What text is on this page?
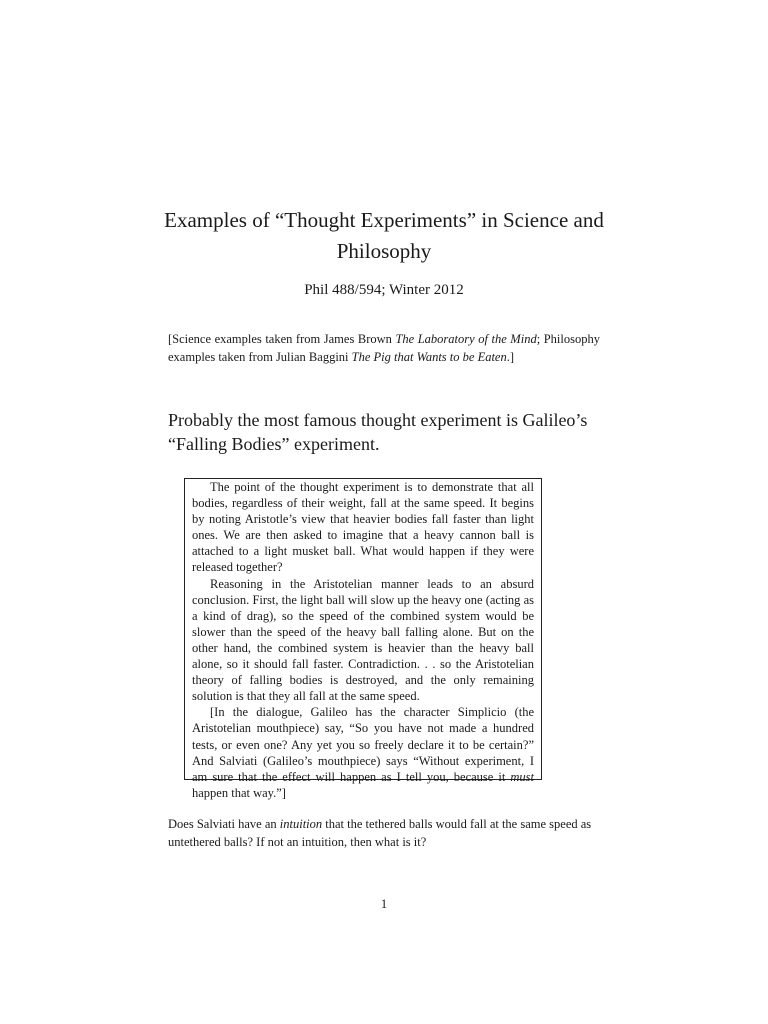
Examples of “Thought Experiments” in Science and Philosophy
Phil 488/594; Winter 2012
[Science examples taken from James Brown The Laboratory of the Mind; Philosophy examples taken from Julian Baggini The Pig that Wants to be Eaten.]
Probably the most famous thought experiment is Galileo’s “Falling Bodies” experiment.

The point of the thought experiment is to demonstrate that all bodies, regardless of their weight, fall at the same speed. It begins by noting Aristotle’s view that heavier bodies fall faster than light ones. We are then asked to imagine that a heavy cannon ball is attached to a light musket ball. What would happen if they were released together?

Reasoning in the Aristotelian manner leads to an absurd conclusion. First, the light ball will slow up the heavy one (acting as a kind of drag), so the speed of the combined system would be slower than the speed of the heavy ball falling alone. But on the other hand, the combined system is heavier than the heavy ball alone, so it should fall faster. Contradiction. . . so the Aristotelian theory of falling bodies is destroyed, and the only remaining solution is that they all fall at the same speed.

[In the dialogue, Galileo has the character Simplicio (the Aristotelian mouthpiece) say, “So you have not made a hundred tests, or even one? Any yet you so freely declare it to be certain?” And Salviati (Galileo’s mouthpiece) says “Without experiment, I am sure that the effect will happen as I tell you, because it must happen that way.”]

Does Salviati have an intuition that the tethered balls would fall at the same speed as untethered balls? If not an intuition, then what is it?
1
